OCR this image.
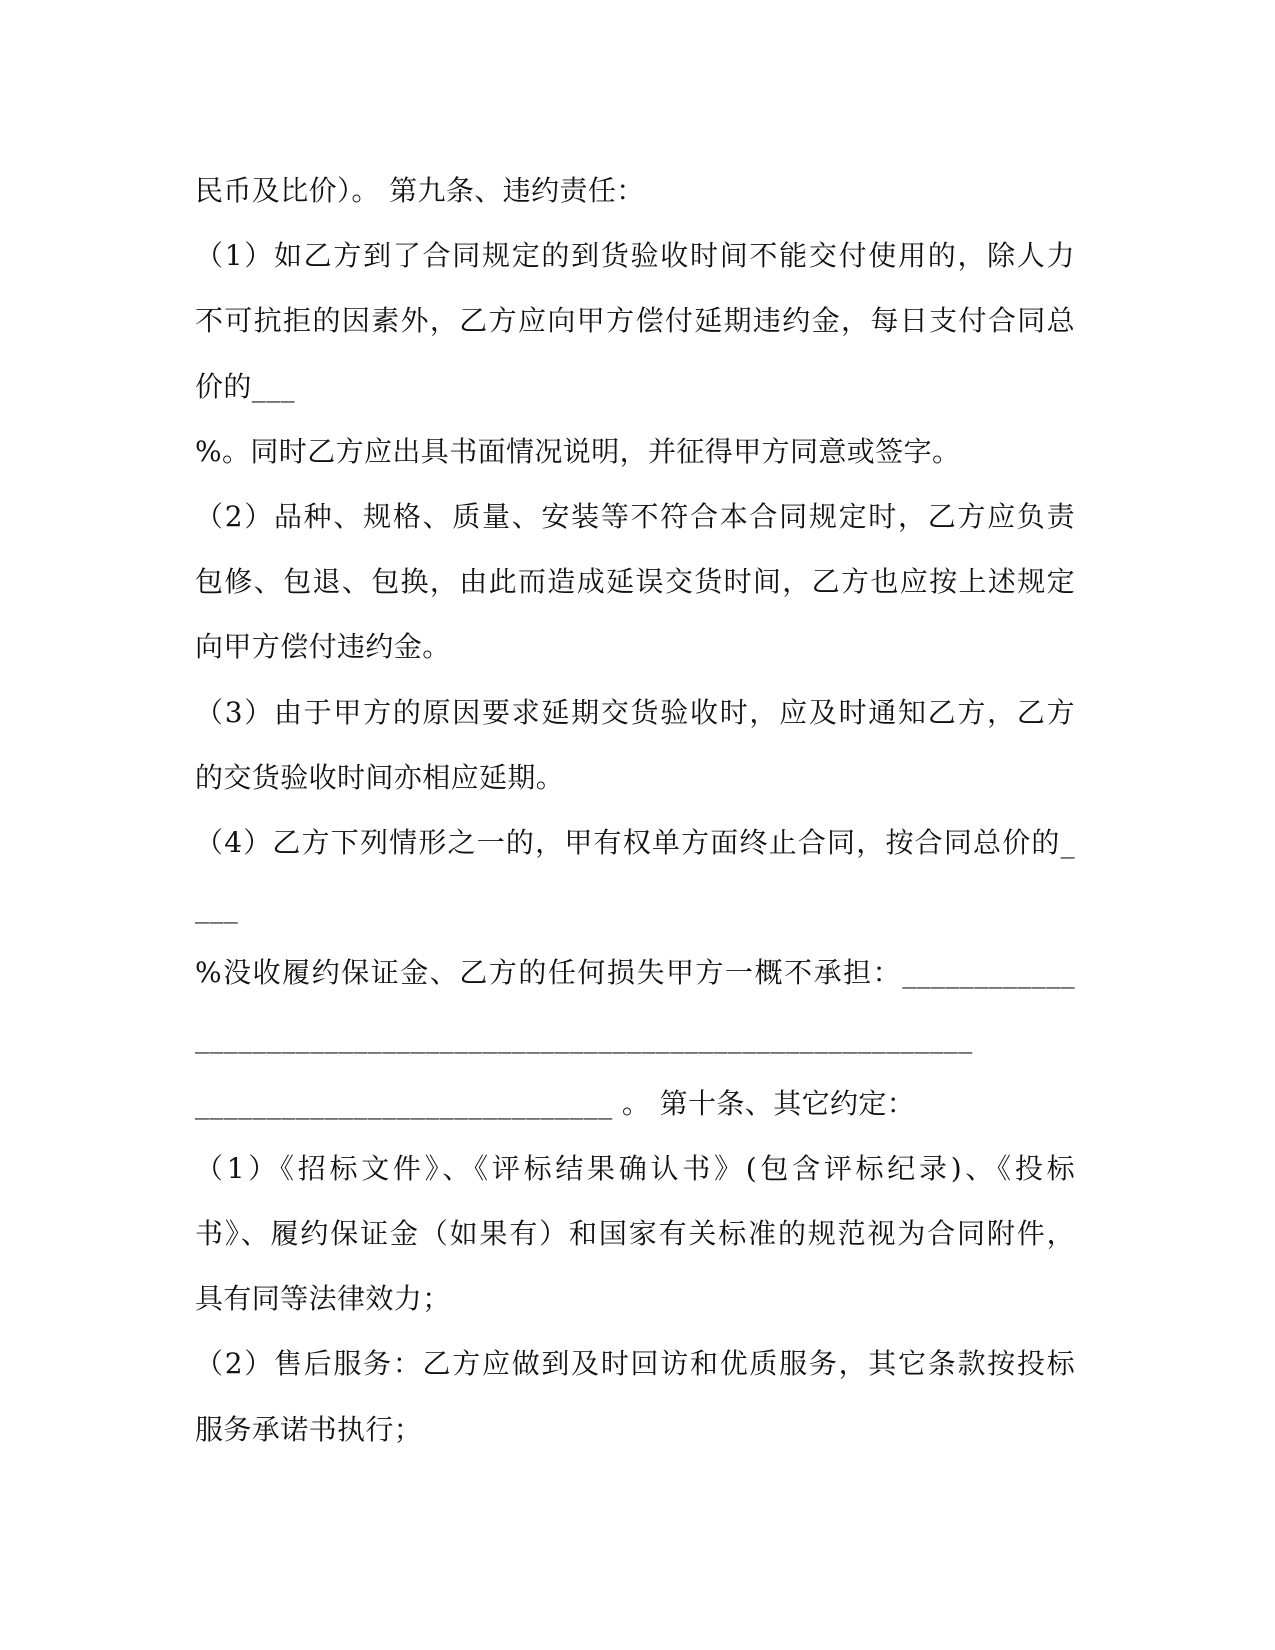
民币及比价）。 第九条、违约责任：
（1）如乙方到了合同规定的到货验收时间不能交付使用的，除人力
不可抗拒的因素外，乙方应向甲方偿付延期违约金，每日支付合同总
价的___
%。同时乙方应出具书面情况说明，并征得甲方同意或签字。
（2）品种、规格、质量、安装等不符合本合同规定时，乙方应负责
包修、包退、包换，由此而造成延误交货时间，乙方也应按上述规定
向甲方偿付违约金。
（3）由于甲方的原因要求延期交货验收时，应及时通知乙方，乙方
的交货验收时间亦相应延期。
（4）乙方下列情形之一的，甲有权单方面终止合同，按合同总价的_
___
%没收履约保证金、乙方的任何损失甲方一概不承担：____________
______________________________________________________
_____________________________ 。 第十条、其它约定：
（1）《招标文件》、《评标结果确认书》(包含评标纪录)、《投标
书》、履约保证金（如果有）和国家有关标准的规范视为合同附件，
具有同等法律效力；
（2）售后服务：乙方应做到及时回访和优质服务，其它条款按投标
服务承诺书执行；
